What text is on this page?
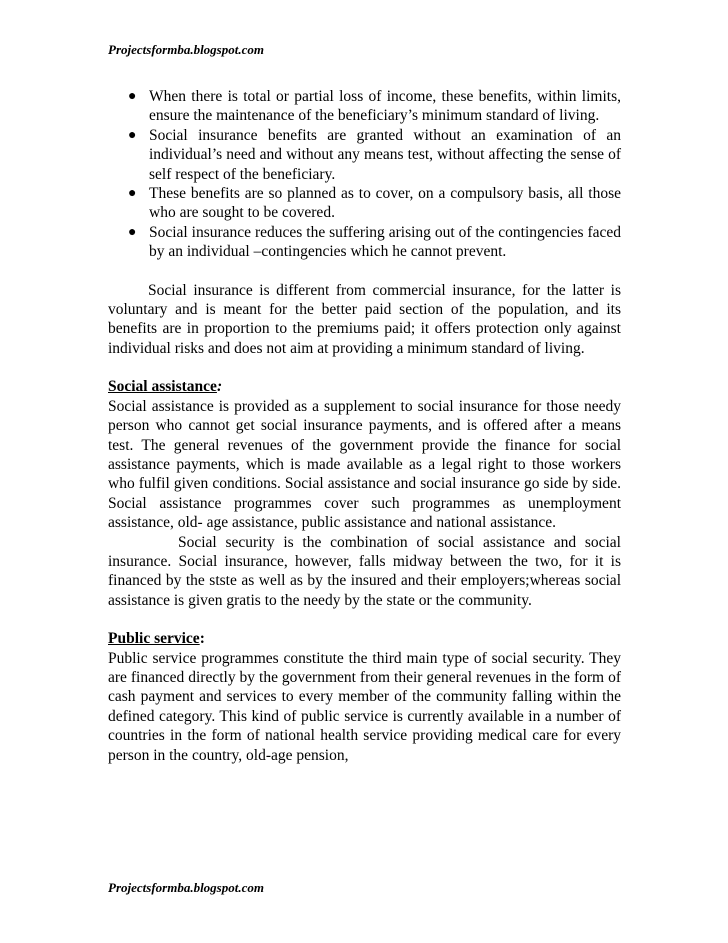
Projectsformba.blogspot.com
● When there is total or partial loss of income, these benefits, within limits, ensure the maintenance of the beneficiary’s minimum standard of living.
● Social insurance benefits are granted without an examination of an individual’s need and without any means test, without affecting the sense of self respect of the beneficiary.
● These benefits are so planned as to cover, on a compulsory basis, all those who are sought to be covered.
● Social insurance reduces the suffering arising out of the contingencies faced by an individual –contingencies which he cannot prevent.

Social insurance is different from commercial insurance, for the latter is voluntary and is meant for the better paid section of the population, and its benefits are in proportion to the premiums paid; it offers protection only against individual risks and does not aim at providing a minimum standard of living.

Social assistance:

Social assistance is provided as a supplement to social insurance for those needy person who cannot get social insurance payments, and is offered after a means test. The general revenues of the government provide the finance for social assistance payments, which is made available as a legal right to those workers who fulfil given conditions. Social assistance and social insurance go side by side. Social assistance programmes cover such programmes as unemployment assistance, old- age assistance, public assistance and national assistance.

Social security is the combination of social assistance and social insurance. Social insurance, however, falls midway between the two, for it is financed by the stste as well as by the insured and their employers;whereas social assistance is given gratis to the needy by the state or the community.

Public service:

Public service programmes constitute the third main type of social security. They are financed directly by the government from their general revenues in the form of cash payment and services to every member of the community falling within the defined category. This kind of public service is currently available in a number of countries in the form of national health service providing medical care for every person in the country, old-age pension,

Projectsformba.blogspot.com
